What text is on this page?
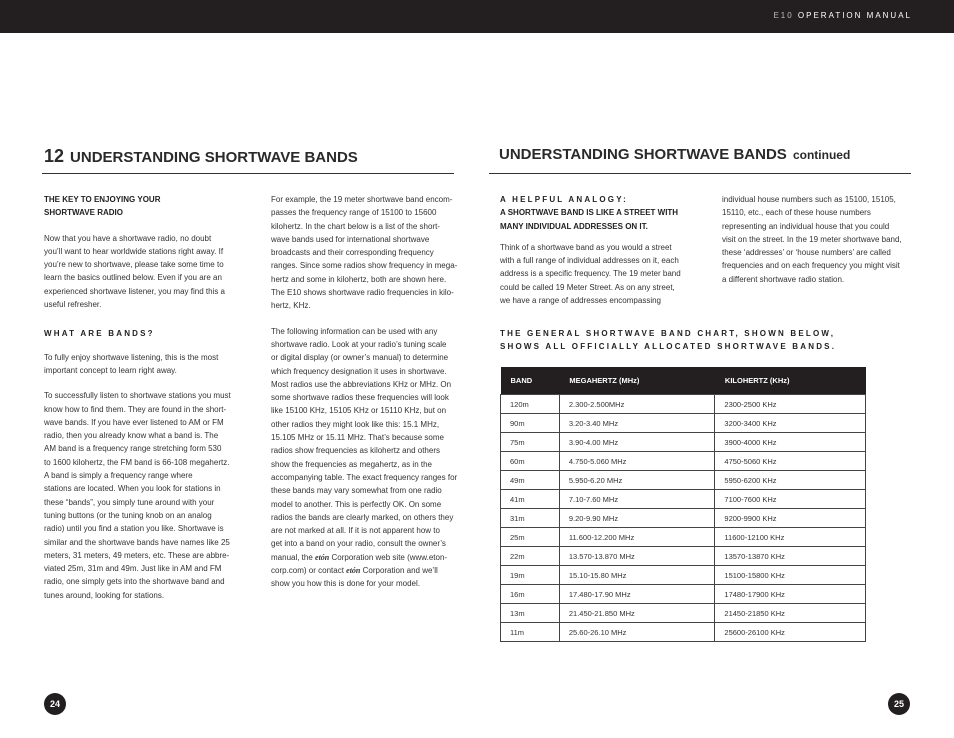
E10 OPERATION MANUAL
12 UNDERSTANDING SHORTWAVE BANDS

THE KEY TO ENJOYING YOUR
SHORTWAVE RADIO

Now that you have a shortwave radio, no doubt
you’ll want to hear worldwide stations right away. If
you’re new to shortwave, please take some time to
learn the basics outlined below. Even if you are an
experienced shortwave listener, you may find this a
useful refresher.

WHAT ARE BANDS?

To fully enjoy shortwave listening, this is the most
important concept to learn right away.

To successfully listen to shortwave stations you must
know how to find them. They are found in the short-
wave bands. If you have ever listened to AM or FM
radio, then you already know what a band is. The
AM band is a frequency range stretching form 530
to 1600 kilohertz, the FM band is 66-108 megahertz.
A band is simply a frequency range where
stations are located. When you look for stations in
these “bands”, you simply tune around with your
tuning buttons (or the tuning knob on an analog
radio) until you find a station you like. Shortwave is
similar and the shortwave bands have names like 25
meters, 31 meters, 49 meters, etc. These are abbre-
viated 25m, 31m and 49m. Just like in AM and FM
radio, one simply gets into the shortwave band and
tunes around, looking for stations.

For example, the 19 meter shortwave band encom-
passes the frequency range of 15100 to 15600
kilohertz. In the chart below is a list of the short-
wave bands used for international shortwave
broadcasts and their corresponding frequency
ranges. Since some radios show frequency in mega-
hertz and some in kilohertz, both are shown here.
The E10 shows shortwave radio frequencies in kilo-
hertz, KHz.

The following information can be used with any
shortwave radio. Look at your radio’s tuning scale
or digital display (or owner’s manual) to determine
which frequency designation it uses in shortwave.
Most radios use the abbreviations KHz or MHz. On
some shortwave radios these frequencies will look
like 15100 KHz, 15105 KHz or 15110 KHz, but on
other radios they might look like this: 15.1 MHz,
15.105 MHz or 15.11 MHz. That’s because some
radios show frequencies as kilohertz and others
show the frequencies as megahertz, as in the
accompanying table. The exact frequency ranges for
these bands may vary somewhat from one radio
model to another. This is perfectly OK. On some
radios the bands are clearly marked, on others they
are not marked at all. If it is not apparent how to
get into a band on your radio, consult the owner’s
manual, the etón Corporation web site (www.eton-
corp.com) or contact etón Corporation and we’ll
show you how this is done for your model.

24
UNDERSTANDING SHORTWAVE BANDS continued

A HELPFUL ANALOGY:

A SHORTWAVE BAND IS LIKE A STREET WITH
MANY INDIVIDUAL ADDRESSES ON IT.

Think of a shortwave band as you would a street
with a full range of individual addresses on it, each
address is a specific frequency. The 19 meter band
could be called 19 Meter Street. As on any street,
we have a range of addresses encompassing

individual house numbers such as 15100, 15105,
15110, etc., each of these house numbers
representing an individual house that you could
visit on the street. In the 19 meter shortwave band,
these ‘addresses’ or ‘house numbers’ are called
frequencies and on each frequency you might visit
a different shortwave radio station.

THE GENERAL SHORTWAVE BAND CHART, SHOWN BELOW,
SHOWS ALL OFFICIALLY ALLOCATED SHORTWAVE BANDS.
BAND	MEGAHERTZ (MHz)	KILOHERTZ (KHz)
120m	2.300-2.500MHz	2300-2500 KHz
90m	3.20-3.40 MHz	3200-3400 KHz
75m	3.90-4.00 MHz	3900-4000 KHz
60m	4.750-5.060 MHz	4750-5060 KHz
49m	5.950-6.20 MHz	5950-6200 KHz
41m	7.10-7.60 MHz	7100-7600 KHz
31m	9.20-9.90 MHz	9200-9900 KHz
25m	11.600-12.200 MHz	11600-12100 KHz
22m	13.570-13.870 MHz	13570-13870 KHz
19m	15.10-15.80 MHz	15100-15800 KHz
16m	17.480-17.90 MHz	17480-17900 KHz
13m	21.450-21.850 MHz	21450-21850 KHz
11m	25.60-26.10 MHz	25600-26100 KHz
25
